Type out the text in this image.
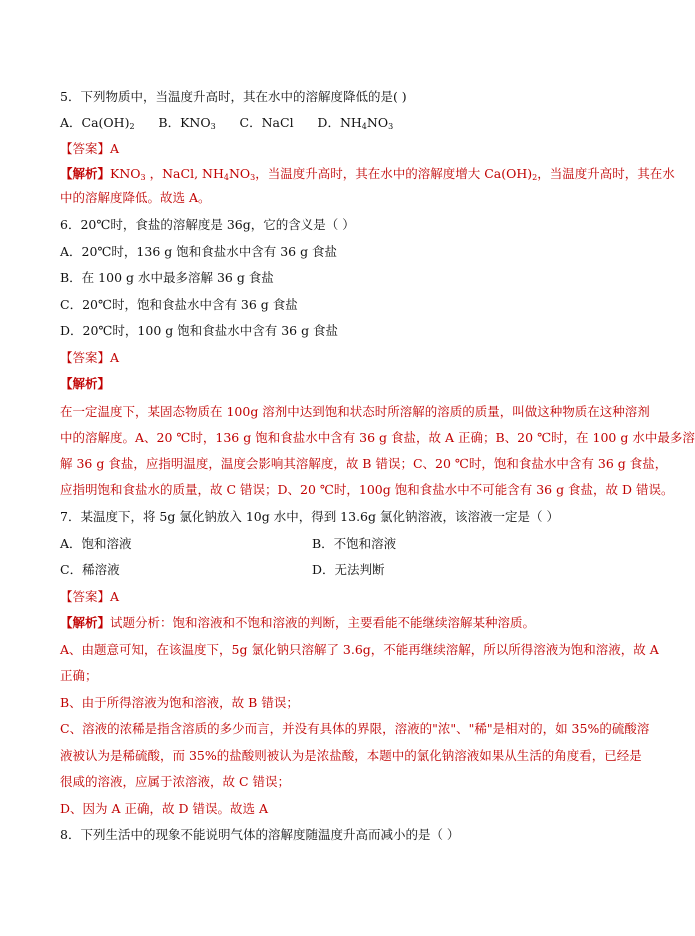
5．下列物质中，当温度升高时，其在水中的溶解度降低的是( )
A．$Ca(OH)_2$ B．$KNO_3$ C．NaCl D．$NH_4NO_3$
【答案】A
【解析】$KNO_3$ ，NaCl, $NH_4NO_3$，当温度升高时，其在水中的溶解度增大 $Ca(OH)_2$，当温度升高时，其在水
中的溶解度降低。故选 A。
6．20℃时，食盐的溶解度是 36g，它的含义是（ ）
A．20℃时，136 g 饱和食盐水中含有 36 g 食盐
B．在 100 g 水中最多溶解 36 g 食盐
C．20℃时，饱和食盐水中含有 36 g 食盐
D．20℃时，100 g 饱和食盐水中含有 36 g 食盐
【答案】A
【解析】
在一定温度下，某固态物质在 100g 溶剂中达到饱和状态时所溶解的溶质的质量，叫做这种物质在这种溶剂
中的溶解度。A、20 ℃时，136 g 饱和食盐水中含有 36 g 食盐，故 A 正确；B、20 ℃时，在 100 g 水中最多溶
解 36 g 食盐，应指明温度，温度会影响其溶解度，故 B 错误；C、20 ℃时，饱和食盐水中含有 36 g 食盐，
应指明饱和食盐水的质量，故 C 错误；D、20 ℃时，100g 饱和食盐水中不可能含有 36 g 食盐，故 D 错误。
7．某温度下，将 5g 氯化钠放入 10g 水中，得到 13.6g 氯化钠溶液，该溶液一定是（ ）
A．饱和溶液	B．不饱和溶液
C．稀溶液	D．无法判断
【答案】A
【解析】试题分析：饱和溶液和不饱和溶液的判断，主要看能不能继续溶解某种溶质。
A、由题意可知，在该温度下，5g 氯化钠只溶解了 3.6g，不能再继续溶解，所以所得溶液为饱和溶液，故 A
正确；
B、由于所得溶液为饱和溶液，故 B 错误；
C、溶液的浓稀是指含溶质的多少而言，并没有具体的界限，溶液的"浓"、"稀"是相对的，如 35%的硫酸溶
液被认为是稀硫酸，而 35%的盐酸则被认为是浓盐酸，本题中的氯化钠溶液如果从生活的角度看，已经是
很咸的溶液，应属于浓溶液，故 C 错误；
D、因为 A 正确，故 D 错误。故选 A
8．下列生活中的现象不能说明气体的溶解度随温度升高而减小的是（ ）
